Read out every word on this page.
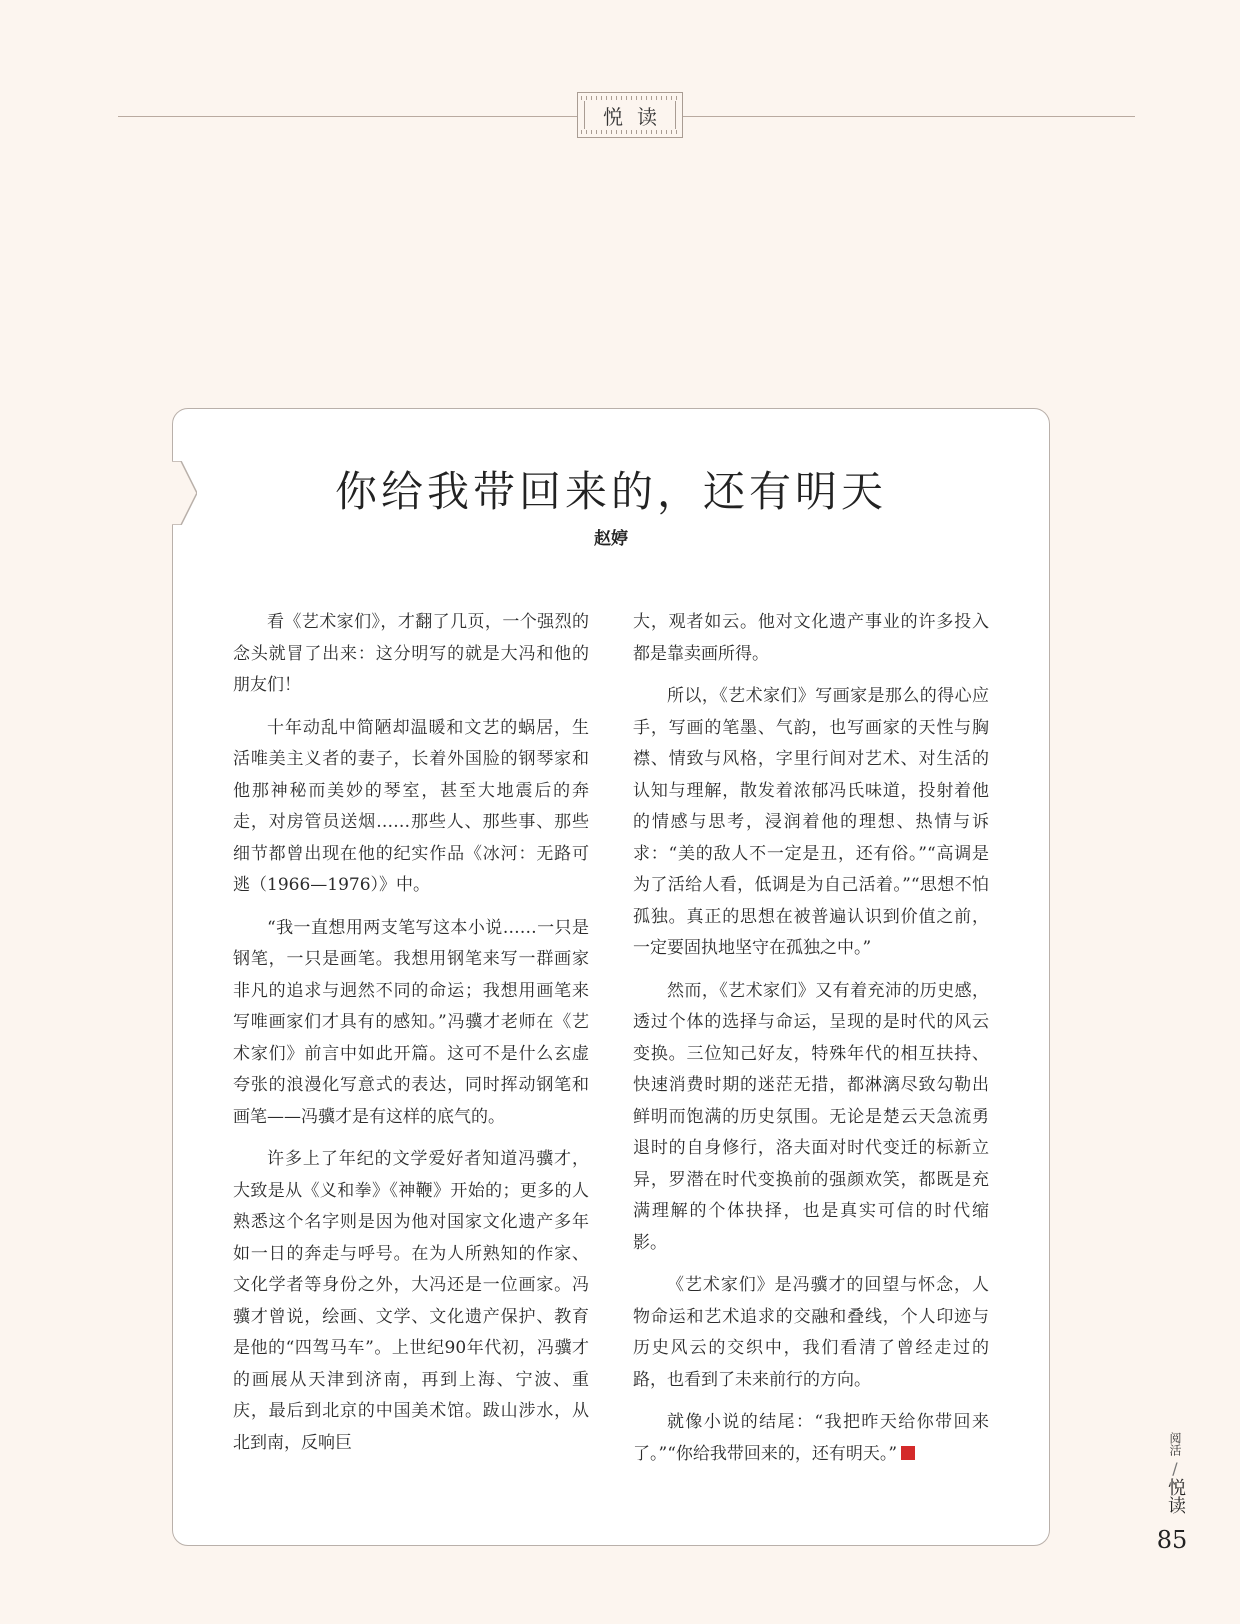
悦读
你给我带回来的，还有明天
赵婷

看《艺术家们》，才翻了几页，一个强烈的念头就冒了出来：这分明写的就是大冯和他的朋友们！

十年动乱中简陋却温暖和文艺的蜗居，生活唯美主义者的妻子，长着外国脸的钢琴家和他那神秘而美妙的琴室，甚至大地震后的奔走，对房管员送烟……那些人、那些事、那些细节都曾出现在他的纪实作品《冰河：无路可逃（1966—1976）》中。

“我一直想用两支笔写这本小说……一只是钢笔，一只是画笔。我想用钢笔来写一群画家非凡的追求与迥然不同的命运；我想用画笔来写唯画家们才具有的感知。”冯骥才老师在《艺术家们》前言中如此开篇。这可不是什么玄虚夸张的浪漫化写意式的表达，同时挥动钢笔和画笔——冯骥才是有这样的底气的。

许多上了年纪的文学爱好者知道冯骥才，大致是从《义和拳》《神鞭》开始的；更多的人熟悉这个名字则是因为他对国家文化遗产多年如一日的奔走与呼号。在为人所熟知的作家、文化学者等身份之外，大冯还是一位画家。冯骥才曾说，绘画、文学、文化遗产保护、教育是他的“四驾马车”。上世纪90年代初，冯骥才的画展从天津到济南，再到上海、宁波、重庆，最后到北京的中国美术馆。跋山涉水，从北到南，反响巨

大，观者如云。他对文化遗产事业的许多投入都是靠卖画所得。

所以，《艺术家们》写画家是那么的得心应手，写画的笔墨、气韵，也写画家的天性与胸襟、情致与风格，字里行间对艺术、对生活的认知与理解，散发着浓郁冯氏味道，投射着他的情感与思考，浸润着他的理想、热情与诉求：“美的敌人不一定是丑，还有俗。”“高调是为了活给人看，低调是为自己活着。”“思想不怕孤独。真正的思想在被普遍认识到价值之前，一定要固执地坚守在孤独之中。”

然而，《艺术家们》又有着充沛的历史感，透过个体的选择与命运，呈现的是时代的风云变换。三位知己好友，特殊年代的相互扶持、快速消费时期的迷茫无措，都淋漓尽致勾勒出鲜明而饱满的历史氛围。无论是楚云天急流勇退时的自身修行，洛夫面对时代变迁的标新立异，罗潜在时代变换前的强颜欢笑，都既是充满理解的个体抉择，也是真实可信的时代缩影。

《艺术家们》是冯骥才的回望与怀念，人物命运和艺术追求的交融和叠线，个人印迹与历史风云的交织中，我们看清了曾经走过的路，也看到了未来前行的方向。

就像小说的结尾：“我把昨天给你带回来了。”“你给我带回来的，还有明天。”	阅活
/
悦读
85
